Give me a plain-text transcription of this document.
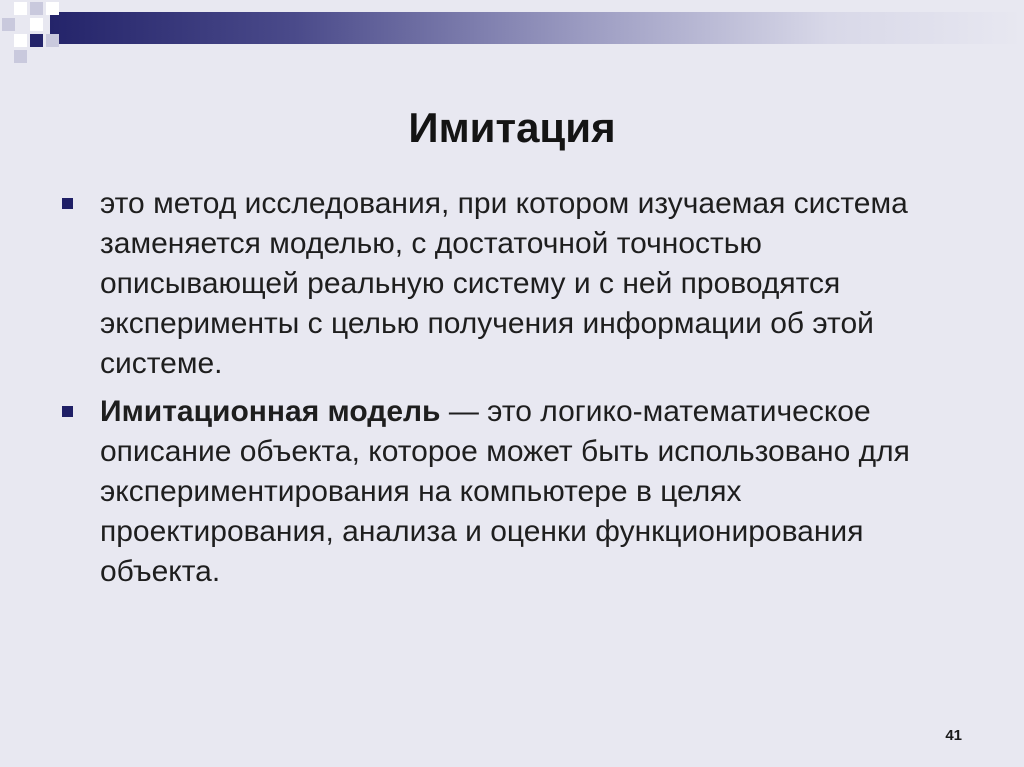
Имитация
это метод исследования, при котором изучаемая система заменяется моделью, с достаточной точностью описывающей реальную систему и с ней проводятся эксперименты с целью получения информации об этой системе.
Имитационная модель — это логико-математическое описание объекта, которое может быть использовано для экспериментирования на компьютере в целях проектирования, анализа и оценки функционирования объекта.
41
